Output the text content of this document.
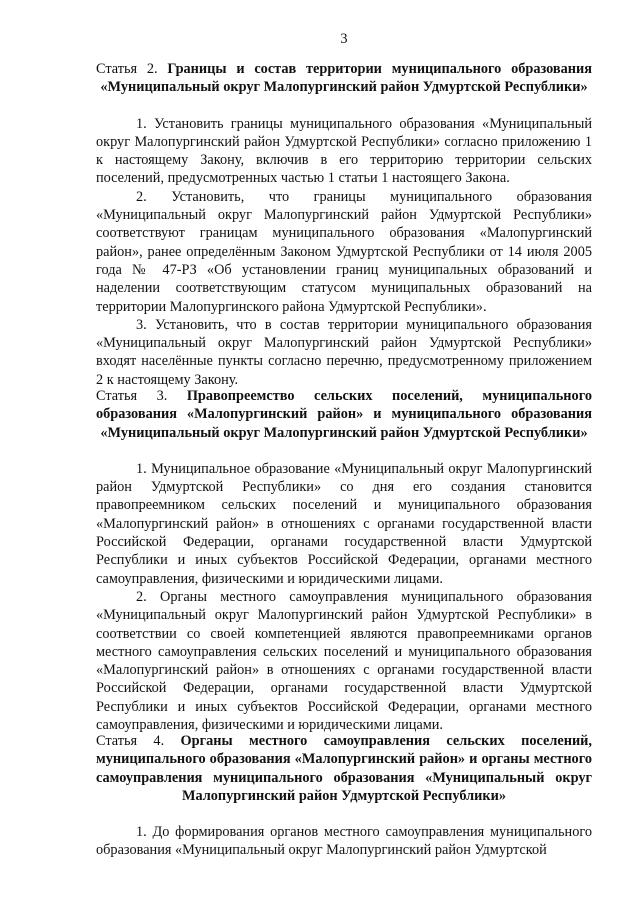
3

Статья 2. Границы и состав территории муниципального образования «Муниципальный округ Малопургинский район Удмуртской Республики»

1. Установить границы муниципального образования «Муниципальный округ Малопургинский район Удмуртской Республики» согласно приложению 1 к настоящему Закону, включив в его территорию территории сельских поселений, предусмотренных частью 1 статьи 1 настоящего Закона.

2. Установить, что границы муниципального образования «Муниципальный округ Малопургинский район Удмуртской Республики» соответствуют границам муниципального образования «Малопургинский район», ранее определённым Законом Удмуртской Республики от 14 июля 2005 года № 47-РЗ «Об установлении границ муниципальных образований и наделении соответствующим статусом муниципальных образований на территории Малопургинского района Удмуртской Республики».

3. Установить, что в состав территории муниципального образования «Муниципальный округ Малопургинский район Удмуртской Республики» входят населённые пункты согласно перечню, предусмотренному приложением 2 к настоящему Закону.

Статья 3. Правопреемство сельских поселений, муниципального образования «Малопургинский район» и муниципального образования «Муниципальный округ Малопургинский район Удмуртской Республики»

1. Муниципальное образование «Муниципальный округ Малопургинский район Удмуртской Республики» со дня его создания становится правопреемником сельских поселений и муниципального образования «Малопургинский район» в отношениях с органами государственной власти Российской Федерации, органами государственной власти Удмуртской Республики и иных субъектов Российской Федерации, органами местного самоуправления, физическими и юридическими лицами.

2. Органы местного самоуправления муниципального образования «Муниципальный округ Малопургинский район Удмуртской Республики» в соответствии со своей компетенцией являются правопреемниками органов местного самоуправления сельских поселений и муниципального образования «Малопургинский район» в отношениях с органами государственной власти Российской Федерации, органами государственной власти Удмуртской Республики и иных субъектов Российской Федерации, органами местного самоуправления, физическими и юридическими лицами.

Статья 4. Органы местного самоуправления сельских поселений, муниципального образования «Малопургинский район» и органы местного самоуправления муниципального образования «Муниципальный округ Малопургинский район Удмуртской Республики»

1. До формирования органов местного самоуправления муниципального образования «Муниципальный округ Малопургинский район Удмуртской
